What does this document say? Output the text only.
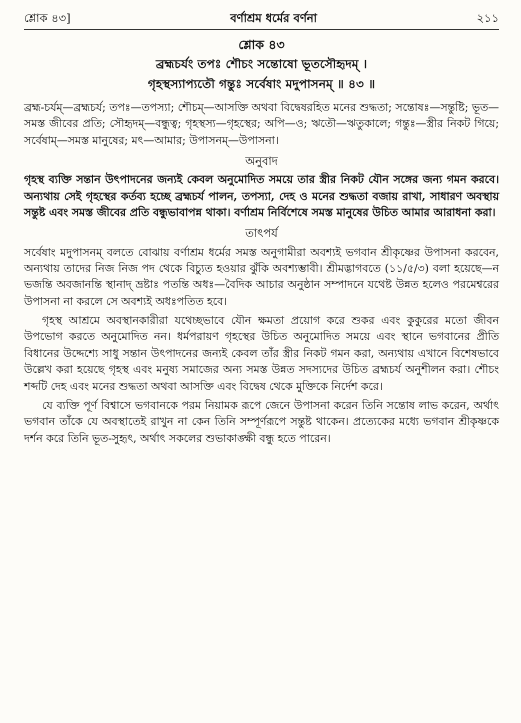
শ্লোক ৪৩]	বর্ণাশ্রম ধর্মের বর্ণনা	২১১
শ্লোক ৪৩
ব্রহ্মচর্যং তপঃ শৌচং সন্তোষো ভূতসৌহৃদম্ ।
গৃহস্থস্যাপ্যতৌ গন্তুঃ সর্বেষাং মদুপাসনম্ ॥ ৪৩ ॥
ব্রহ্ম-চর্যম্—ব্রহ্মচর্য; তপঃ—তপস্যা; শৌচম্—আসক্তি অথবা বিদ্বেষরহিত মনের শুদ্ধতা; সন্তোষঃ—সন্তুষ্টি; ভূত—সমস্ত জীবের প্রতি; সৌহৃদম্—বন্ধুত্ব; গৃহস্থস্য—গৃহস্থের; অপি—ও; ঋতৌ—ঋতুকালে; গন্তুঃ—স্ত্রীর নিকট গিয়ে; সর্বেষাম্—সমস্ত মানুষের; মৎ—আমার; উপাসনম্—উপাসনা।
অনুবাদ
গৃহস্থ ব্যক্তি সন্তান উৎপাদনের জন্যই কেবল অনুমোদিত সময়ে তার স্ত্রীর নিকট যৌন সঙ্গের জন্য গমন করবে। অন্যথায় সেই গৃহস্থের কর্তব্য হচ্ছে ব্রহ্মচর্য পালন, তপস্যা, দেহ ও মনের শুদ্ধতা বজায় রাখা, সাধারণ অবস্থায় সন্তুষ্ট এবং সমস্ত জীবের প্রতি বন্ধুভাবাপন্ন থাকা। বর্ণাশ্রম নির্বিশেষে সমস্ত মানুষের উচিত আমার আরাধনা করা।
তাৎপর্য

সর্বেষাং মদুপাসনম্ বলতে বোঝায় বর্ণাশ্রম ধর্মের সমস্ত অনুগামীরা অবশ্যই ভগবান শ্রীকৃষ্ণের উপাসনা করবেন, অন্যথায় তাদের নিজ নিজ পদ থেকে বিচ্যুত হওয়ার ঝুঁকি অবশ্যম্ভাবী। শ্রীমদ্ভাগবতে (১১/৫/৩) বলা হয়েছে—ন ভজন্তি অবজানন্তি স্থানাদ্ ভ্রষ্টাঃ পতন্তি অধঃ—বৈদিক আচার অনুষ্ঠান সম্পাদনে যথেষ্ট উন্নত হলেও পরমেশ্বরের উপাসনা না করলে সে অবশ্যই অধঃপতিত হবে।

গৃহস্থ আশ্রমে অবস্থানকারীরা যথেচ্ছভাবে যৌন ক্ষমতা প্রয়োগ করে শুকর এবং কুকুরের মতো জীবন উপভোগ করতে অনুমোদিত নন। ধর্মপরায়ণ গৃহস্থের উচিত অনুমোদিত সময়ে এবং স্থানে ভগবানের প্রীতি বিধানের উদ্দেশ্যে সাধু সন্তান উৎপাদনের জন্যই কেবল তাঁর স্ত্রীর নিকট গমন করা, অন্যথায় এখানে বিশেষভাবে উল্লেখ করা হয়েছে গৃহস্থ এবং মনুষ্য সমাজের অন্য সমস্ত উন্নত সদস্যদের উচিত ব্রহ্মচর্য অনুশীলন করা। শৌচং শব্দটি দেহ এবং মনের শুদ্ধতা অথবা আসক্তি এবং বিদ্বেষ থেকে মুক্তিকে নির্দেশ করে।

যে ব্যক্তি পূর্ণ বিশ্বাসে ভগবানকে পরম নিয়ামক রূপে জেনে উপাসনা করেন তিনি সন্তোষ লাভ করেন, অর্থাৎ ভগবান তাঁকে যে অবস্থাতেই রাখুন না কেন তিনি সম্পূর্ণরূপে সন্তুষ্ট থাকেন। প্রত্যেকের মধ্যে ভগবান শ্রীকৃষ্ণকে দর্শন করে তিনি ভূত-সুহৃৎ, অর্থাৎ সকলের শুভাকাঙ্ক্ষী বন্ধু হতে পারেন।
